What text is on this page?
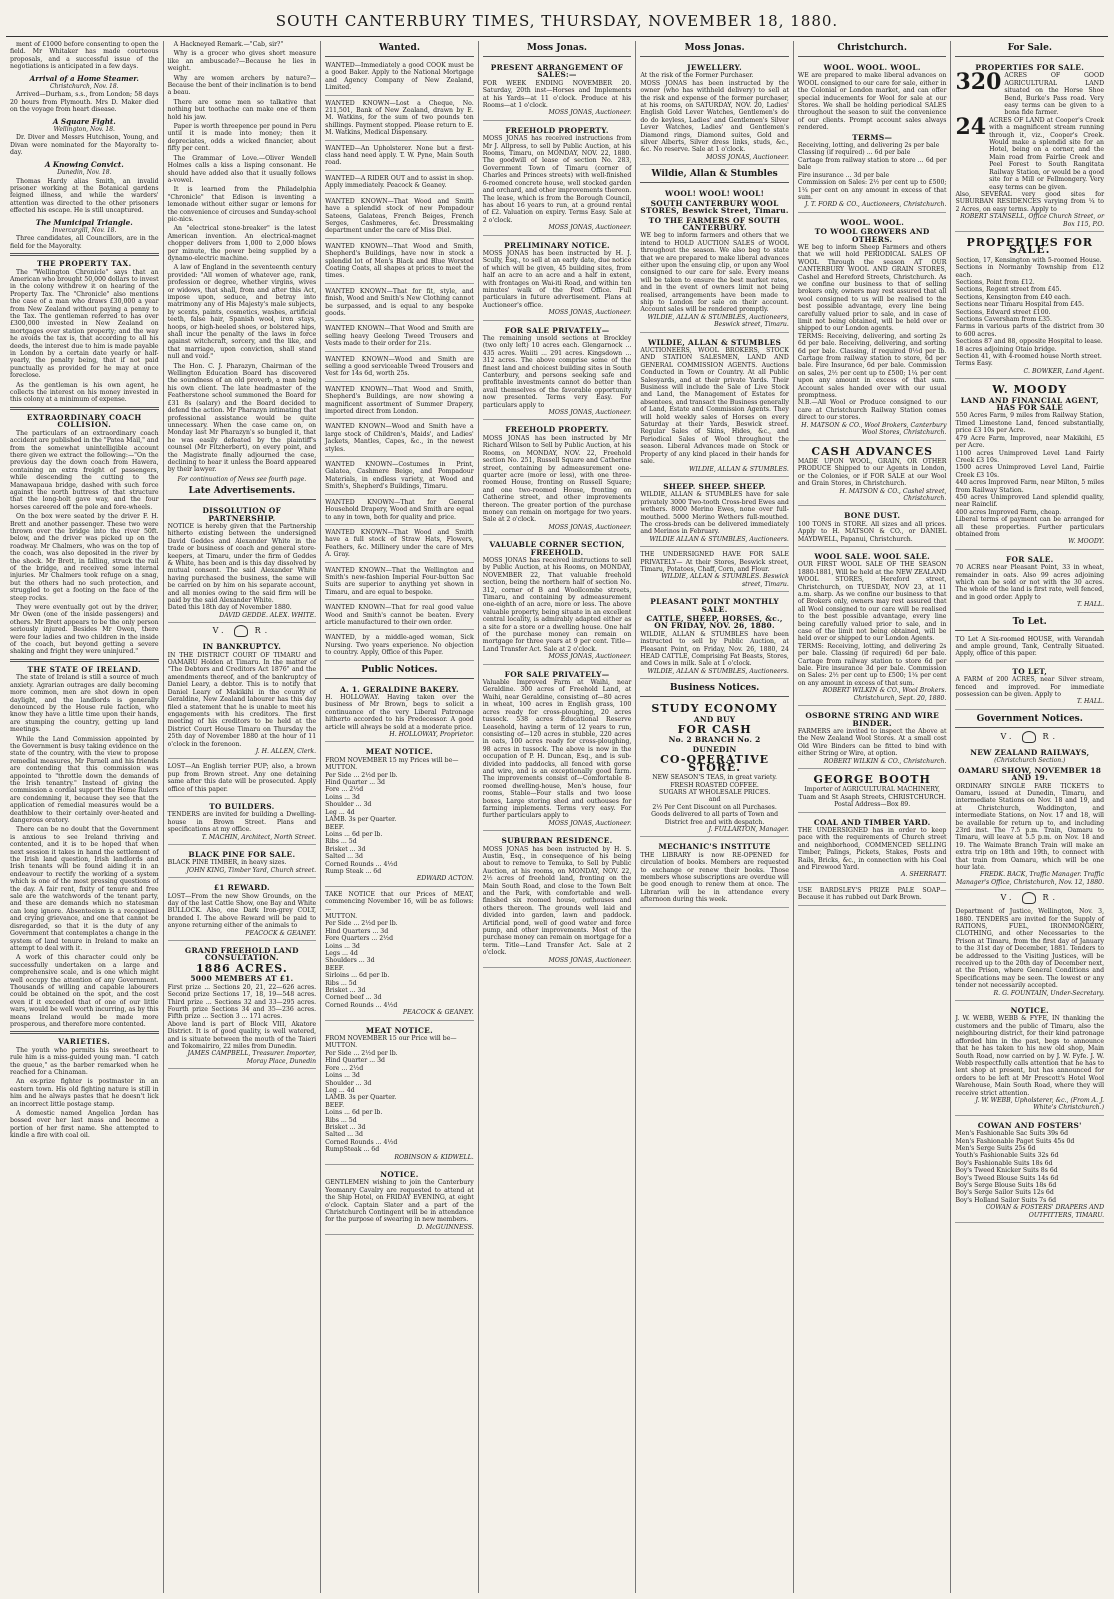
SOUTH CANTERBURY TIMES, THURSDAY, NOVEMBER 18, 1880.

ment of £1000 before consenting to open the field. Mr Whitaker has made courteous proposals, and a successful issue of the negotiations is anticipated in a few days.

Arrival of a Home Steamer.
Christchurch, Nov. 18.

Arrived—Durham, s.s., from London; 58 days 20 hours from Plymouth. Mrs D. Maker died on the voyage from heart disease.

A Square Fight.
Wellington, Nov. 18.

Dr. Diver and Messrs Hutchison, Young, and Divan were nominated for the Mayoralty to-day.

A Knowing Convict.
Dunedin, Nov. 18.

Thomas Hardy alias Smith, an invalid prisoner working at the Botanical gardens feigned illness, and while the warders' attention was directed to the other prisoners effected his escape. He is still uncaptured.

The Municipal Triangle.
Invercargill, Nov. 18.

Three candidates, all Councillors, are in the field for the Mayoralty.

THE PROPERTY TAX.

The "Wellington Chronicle" says that an American who brought 50,000 dollars to invest in the colony withdrew it on hearing of the Property Tax. The "Chronicle" also mentions the case of a man who draws £30,000 a year from New Zealand without paying a penny to the Tax. The gentleman referred to has over £300,000 invested in New Zealand on mortgages over station property; and the way he avoids the tax is, that according to all his deeds, the interest due to him is made payable in London by a certain date yearly or half-yearly, the penalty being, that if not paid punctually as provided for he may at once foreclose.

As the gentleman is his own agent, he collects the interest on his money invested in this colony at a minimum of expense.

EXTRAORDINARY COACH COLLISION.

The particulars of an extraordinary coach accident are published in the "Patea Mail," and from the somewhat unintelligible account there given we extract the following:—"On the previous day the down coach from Hawera, containing an extra freight of passengers, while descending the cutting to the Manawapaua bridge, dashed with such force against the north buttress of that structure that the long-bolt gave way, and the four horses careered off the pole and fore-wheels.

On the box were seated by the driver F. H. Brett and another passenger. These two were thrown over the bridge into the river 50ft. below, and the driver was picked up on the roadway. Mr Chalmers, who was on the top of the coach, was also deposited in the river by the shock. Mr Brett, in falling, struck the rail of the bridge, and received some internal injuries. Mr Chalmers took refuge on a snag, but the others had no such protection, and struggled to get a footing on the face of the steep rocks.

They were eventually got out by the driver, Mr Owen (one of the inside passengers) and others. Mr Brett appears to be the only person seriously injured. Besides Mr Owen, there were four ladies and two children in the inside of the coach, but beyond getting a severe shaking and fright they were uninjured."

THE STATE OF IRELAND.

The state of Ireland is still a source of much anxiety. Agrarian outrages are daily becoming more common, men are shot down in open daylight, and the landlords is generally denounced by the House rule faction, who know they have a little time upon their hands, are stumping the country, getting up land meetings.

While the Land Commission appointed by the Government is busy taking evidence on the state of the country, with the view to propose remedial measures, Mr Parnell and his friends are contending that this commission was appointed to "throttle down the demands of the Irish tenantry." Instead of giving the commission a cordial support the Home Rulers are condemning it, because they see that the application of remedial measures would be a deathblow to their certainly over-heated and dangerous oratory.

There can be no doubt that the Government is anxious to see Ireland thriving and contented, and it is to be hoped that when next session it takes in hand the settlement of the Irish land question, Irish landlords and Irish tenants will be found aiding it in an endeavour to rectify the working of a system which is one of the most pressing questions of the day. A fair rent, fixity of tenure and free sale are the watchwords of the tenant party, and these are demands which no statesman can long ignore. Absenteeism is a recognised and crying grievance, and one that cannot be disregarded, so that it is the duty of any Government that contemplates a change in the system of land tenure in Ireland to make an attempt to deal with it.

A work of this character could only be successfully undertaken on a large and comprehensive scale, and is one which might well occupy the attention of any Government. Thousands of willing and capable labourers could be obtained on the spot, and the cost even if it exceeded that of one of our little wars, would be well worth incurring, as by this means Ireland would be made more prosperous, and therefore more contented.

VARIETIES.

The youth who permits his sweetheart to rule him is a miss-guided young man. "I catch the queue," as the barber remarked when he reached for a Chinaman.

An ex-prize fighter is postmaster in an eastern town. His old fighting nature is still in him and he always pastes that he doesn't lick an incorrect little postage stamp.

A domestic named Angelica Jordan has bossed over her last mass and become a portion of her first name. She attempted to kindle a fire with coal oil.

A Hackneyed Remark.—"Cab, sir?"

Why is a grocer who gives short measure like an ambuscade?—Because he lies in weight.

Why are women archers by nature?—Because the bent of their inclination is to bend a beau.

There are some men so talkative that nothing but toothache can make one of them hold his jaw.

Paper is worth threepence per pound in Peru until it is made into money; then it depreciates, odds a wicked financier, about fifty per cent.

The Grammar of Love.—Oliver Wendell Holmes calls a kiss a lisping consonant. He should have added also that it usually follows a-vowel.

It is learned from the Philadelphia "Chronicle" that Edison is inventing a lemonade without either sugar or lemons for the convenience of circuses and Sunday-school pic-nics.

An "electrical stone-breaker" is the latest American invention. An electrical-magnet chopper delivers from 1,000 to 2,000 blows per minute, the power being supplied by a dynamo-electric machine.

A law of England in the seventeenth century provided: "All women of whatever age, rank, profession or degree, whether virgins, wives or widows, that shall, from and after this Act, impose upon, seduce, and betray into matrimony any of His Majesty's male subjects, by scents, paints, cosmetics, washes, artificial teeth, false hair, Spanish wool, iron stays, hoops, or high-heeled shoes, or bolstered hips, shall incur the penalty of the laws in force against witchcraft, sorcery, and the like, and that marriage, upon conviction, shall stand null and void."

The Hon. C. J. Pharazyn, Chairman of the Wellington Education Board has discovered the soundness of an old proverb, a man being his own client. The late headmaster of the Featherstone school summoned the Board for £31 8s (salary) and the Board decided to defend the action. Mr Pharazyn intimating that professional assistance would be quite unnecessary. When the case came on, on Monday last Mr Pharazyn's so bungled it, that he was easily defeated by the plaintiff's counsel (Mr Fitzherbert), on every point, and the Magistrate finally adjourned the case, declining to hear it unless the Board appeared by their lawyer.

For continuation of News see fourth page.
Late Advertisements.
DISSOLUTION OF PARTNERSHIP.
NOTICE is hereby given that the Partnership hitherto existing between the undersigned David Geddes and Alexander White in the trade or business of coach and general store-keepers, at Timaru, under the firm of Geddes & White, has been and is this day dissolved by mutual consent. The said Alexander White having purchased the business, the same will be carried on by him on his separate account, and all monies owing to the said firm will be paid by the said Alexander White.
Dated this 18th day of November 1880.
DAVID GEDDE. ALEX. WHITE.
V.  R.
IN BANKRUPTCY.
IN THE DISTRICT COURT OF TIMARU and OAMARU Holden at Timaru. In the matter of "The Debtors and Creditors Act 1876" and the amendments thereof, and of the bankruptcy of Daniel Leary, a debtor. This is to notify that Daniel Leary of Makikihi in the county of Geraldine, New Zealand labourer has this day filed a statement that he is unable to meet his engagements with his creditors. The first meeting of his creditors to be held at the District Court House Timaru on Thursday the 25th day of November 1880 at the hour of 11 o'clock in the forenoon.
J. H. ALLEN, Clerk.
LOST—An English terrier PUP; also, a brown pup from Brown street. Any one detaining same after this date will be prosecuted. Apply office of this paper.
TO BUILDERS.
TENDERS are invited for building a Dwelling-house in Brown Street. Plans and specifications at my office.
T. MACHIN, Architect, North Street.
BLACK PINE FOR SALE.
BLACK PINE TIMBER, in heavy sizes.
JOHN KING, Timber Yard, Church street.
£1 REWARD.
LOST—From the new Show Grounds, on the day of the last Cattle Show, one Bay and White BULLOCK. Also, one Dark Iron-grey COLT, branded I. The above Reward will be paid to anyone returning either of the animals to
PEACOCK & GEANEY.
GRAND FREEHOLD LAND CONSULTATION.
1886 ACRES.
5000 MEMBERS AT £1.
First prize ... Sections 20, 21, 22—626 acres. Second prize Sections 17, 18, 19—548 acres. Third prize ... Sections 32 and 33—295 acres. Fourth prize Sections 34 and 35—236 acres. Fifth prize ... Section 3 ... 171 acres.
Above land is part of Block VIII, Akatore District. It is of good quality, is well watered, and is situate between the mouth of the Taieri and Tokomairiro, 22 miles from Dunedin.
JAMES CAMPBELL, Treasurer. Importer, Moray Place, Dunedin
Wanted.
WANTED—Immediately a good COOK must be a good Baker. Apply to the National Mortgage and Agency Company of New Zealand, Limited.
WANTED KNOWN—Lost a Cheque, No. 211,501, Bank of New Zealand, drawn by E. M. Watkins, for the sum of two pounds ten shillings. Payment stopped. Please return to E. M. Watkins, Medical Dispensary.
WANTED—An Upholsterer. None but a first-class hand need apply. T. W. Pyne, Main South road.
WANTED—A RIDER OUT and to assist in shop. Apply immediately. Peacock & Geaney.
WANTED KNOWN—That Wood and Smith have a splendid stock of new Pompadour Sateens, Galateas, French Beiges, French Serges, Cashmeres, &c. Dressmaking department under the care of Miss Diel.
WANTED KNOWN—That Wood and Smith, Shepherd's Buildings, have now in stock a splendid lot of Men's Black and Blue Worsted Coating Coats, all shapes at prices to meet the times.
WANTED KNOWN—That for fit, style, and finish, Wood and Smith's New Clothing cannot be surpassed, and is equal to any bespoke goods.
WANTED KNOWN—That Wood and Smith are selling heavy Geelong Tweed Trousers and Vests made to their order for 21s.
WANTED KNOWN—Wood and Smith are selling a good serviceable Tweed Trousers and Vest for 14s 6d, worth 25s.
WANTED KNOWN—That Wood and Smith, Shepherd's Buildings, are now showing a magnificent assortment of Summer Drapery, imported direct from London.
WANTED KNOWN—Wood and Smith have a large stock of Children's, Maids', and Ladies' Jackets, Mantles, Capes, &c., in the newest styles.
WANTED KNOWN—Costumes in Print, Galatea, Cashmere Beige, and Pompadour Materials, in endless variety, at Wood and Smith's, Shepherd's Buildings, Timaru.
WANTED KNOWN—That for General Household Drapery, Wood and Smith are equal to any in town, both for quality and price.
WANTED KNOWN—That Wood and Smith have a full stock of Straw Hats, Flowers, Feathers, &c. Millinery under the care of Mrs A. Gray.
WANTED KNOWN—That the Wellington and Smith's new-fashion Imperial Four-button Sac Suits are superior to anything yet shown in Timaru, and are equal to bespoke.
WANTED KNOWN—That for real good value Wood and Smith's cannot be beaten. Every article manufactured to their own order.
WANTED, by a middle-aged woman, Sick Nursing. Two years experience. No objection to country. Apply, Office of this Paper.
Public Notices.
A. 1. GERALDINE BAKERY.
H. HOLLOWAY. Having taken over the business of Mr Brown, begs to solicit a continuance of the very Liberal Patronage hitherto accorded to his Predecessor. A good article will always be sold at a moderate price.
H. HOLLOWAY, Proprietor.
MEAT NOTICE.
FROM NOVEMBER 15 my Prices will be—
MUTTON.
Per Side ... 2½d per lb.
Hind Quarter ... 3d
Fore ... 2½d
Loins ... 3d
Shoulder ... 3d
Leg ... 4d
LAMB. 3s per Quarter.
BEEF.
Loins ... 6d per lb.
Ribs ... 5d
Brisket ... 3d
Salted ... 3d
Corned Rounds ... 4½d
Rump Steak ... 6d
EDWARD ACTON.
TAKE NOTICE that our Prices of MEAT, commencing November 16, will be as follows:—
MUTTON.
Per Side ... 2½d per lb.
Hind Quarters ... 3d
Fore Quarters ... 2½d
Loins ... 3d
Legs ... 4d
Shoulders ... 3d
BEEF.
Sirloins ... 6d per lb.
Ribs ... 5d
Brisket ... 3d
Corned beef ... 3d
Corned Rounds ... 4½d
PEACOCK & GEANEY.
MEAT NOTICE.
FROM NOVEMBER 15 our Price will be—
MUTTON.
Per Side ... 2½d per lb.
Hind Quarter ... 3d
Fore ... 2½d
Loins ... 3d
Shoulder ... 3d
Leg ... 4d
LAMB. 3s per Quarter.
BEEF.
Loins ... 6d per lb.
Ribs ... 5d
Brisket ... 3d
Salted ... 3d
Corned Rounds ... 4½d
RumpSteak ... 6d
ROBINSON & KIDWELL.
NOTICE.
GENTLEMEN wishing to join the Canterbury Yeomanry Cavalry are requested to attend at the Ship Hotel, on FRIDAY EVENING, at eight o'clock. Captain Slater and a part of the Christchurch Contingent will be in attendance for the purpose of swearing in new members.
D. McGUINNESS.
Moss Jonas.
PRESENT ARRANGEMENT OF SALES:—
FOR WEEK ENDING NOVEMBER 20. Saturday, 20th inst—Horses and Implements at his Yards—at 11 o'clock. Produce at his Rooms—at 1 o'clock.
MOSS JONAS, Auctioneer.
FREEHOLD PROPERTY.
MOSS JONAS has received instructions from Mr J. Allpress, to sell by Public Auction, at his Rooms, Timaru, on MONDAY, NOV. 22, 1880. The goodwill of lease of section No. 283, Government Town of Timaru (corner of Charles and Princes streets) with well-finished 6-roomed concrete house, well stocked garden and orchard, and other improvements thereon. The lease, which is from the Borough Council, has about 16 years to run, at a ground rental of £2. Valuation on expiry. Terms Easy. Sale at 2 o'clock.
MOSS JONAS, Auctioneer.
PRELIMINARY NOTICE.
MOSS JONAS has been instructed by H. J. Scully, Esq., to sell at an early date, due notice of which will be given, 45 building sites, from half an acre to an acre and a half in extent, with frontages on Wai-iti Road, and within ten minutes' walk of the Post Office. Full particulars in future advertisement. Plans at Auctioneer's office.
MOSS JONAS, Auctioneer.
FOR SALE PRIVATELY—
The remaining unsold sections at Brockley (two only left) 10 acres each. Glengarnock ... 435 acres. Waiiti ... 291 acres. Kingsdown ... 312 acres. The above comprise some of the finest land and choicest building sites in South Canterbury, and persons seeking safe and profitable investments cannot do better than avail themselves of the favorable opportunity now presented. Terms very Easy. For particulars apply to
MOSS JONAS, Auctioneer.
FREEHOLD PROPERTY.
MOSS JONAS has been instructed by Mr Richard Wilson to Sell by Public Auction, at his Rooms, on MONDAY, NOV. 22, Freehold section No. 251, Russell Square and Catherine street, containing by admeasurement one-quarter acre (more or less), with one three-roomed House, fronting on Russell Square; and one two-roomed House, fronting on Catherine street, and other improvements thereon. The greater portion of the purchase money can remain on mortgage for two years. Sale at 2 o'clock.
MOSS JONAS, Auctioneer.
VALUABLE CORNER SECTION, FREEHOLD.
MOSS JONAS has received instructions to sell by Public Auction, at his Rooms, on MONDAY, NOVEMBER 22, That valuable freehold section, being the northern half of section No. 312, corner of B and Woollcombe streets, Timaru, and containing by admeasurement one-eighth of an acre, more or less. The above valuable property, being situate in an excellent central locality, is admirably adapted either as a site for a store or a dwelling house. One half of the purchase money can remain on mortgage for three years at 9 per cent. Title—Land Transfer Act. Sale at 2 o'clock.
MOSS JONAS, Auctioneer.
FOR SALE PRIVATELY—
Valuable Improved Farm at Waihi, near Geraldine. 300 acres of Freehold Land, at Waihi, near Geraldine, consisting of—80 acres in wheat, 100 acres in English grass, 100 acres ready for cross-ploughing, 20 acres tussock. 538 acres Educational Reserve Leasehold, having a term of 12 years to run, consisting of—120 acres in stubble, 220 acres in oats, 100 acres ready for cross-ploughing, 98 acres in tussock. The above is now in the occupation of P. H. Duncan, Esq., and is sub-divided into paddocks, all fenced with gorse and wire, and is an exceptionally good farm. The improvements consist of—Comfortable 8-roomed dwelling-house, Men's house, four rooms, Stable—Four stalls and two loose boxes, Large storing shed and outhouses for farming implements. Terms very easy. For further particulars apply to
MOSS JONAS, Auctioneer.
SUBURBAN RESIDENCE.
MOSS JONAS has been instructed by H. S. Austin, Esq., in consequence of his being about to remove to Temuka, to Sell by Public Auction, at his rooms, on MONDAY, NOV. 22, 2½ acres of freehold land, fronting on the Main South Road, and close to the Town Belt and the Park, with comfortable and well-finished six roomed house, outhouses and others thereon. The grounds well laid and divided into garden, lawn and paddock. Artificial pond, well of good water and force pump, and other improvements. Most of the purchase money can remain on mortgage for a term. Title—Land Transfer Act. Sale at 2 o'clock.
MOSS JONAS, Auctioneer.
Moss Jonas.
JEWELLERY.
At the risk of the Former Purchaser.
MOSS JONAS has been instructed by the owner (who has withheld delivery) to sell at the risk and expense of the former purchaser, at his rooms, on SATURDAY, NOV. 20, Ladies' English Gold Lever Watches, Gentlemen's do do do keyless, Ladies' and Gentlemen's Silver Lever Watches, Ladies' and Gentlemen's Diamond rings, Diamond suites, Gold and silver Alberts, Silver dress links, studs, &c., &c. No reserve. Sale at 1 o'clock.
MOSS JONAS, Auctioneer.
Wildie, Allan & Stumbles
WOOL! WOOL! WOOL!
SOUTH CANTERBURY WOOL STORES, Beswick Street, Timaru.
TO THE FARMERS OF SOUTH CANTERBURY.
WE beg to inform farmers and others that we intend to HOLD AUCTION SALES of WOOL throughout the season. We also beg to state that we are prepared to make liberal advances either upon the ensuing clip, or upon any Wool consigned to our care for sale. Every means will be taken to ensure the best market rates, and in the event of owners limit not being realised, arrangements have been made to ship to London for sale on their account. Account sales will be rendered promptly.
WILDIE, ALLAN & STUMBLES, Auctioneers, Beswick street, Timaru.
WILDIE, ALLAN & STUMBLES
AUCTIONEERS, WOOL BROKERS, STOCK AND STATION SALESMEN, LAND AND GENERAL COMMISSION AGENTS. Auctions Conducted in Town or Country. At all Public Salesyards, and at their private Yards. Their Business will include the Sale of Live Stock and Land, the Management of Estates for absentees, and transact the Business generally of Land, Estate and Commission Agents. They will hold weekly sales of Horses on every Saturday at their Yards, Beswick street. Regular Sales of Skins, Hides, &c., and Periodical Sales of Wool throughout the season. Liberal Advances made on Stock or Property of any kind placed in their hands for sale.
WILDIE, ALLAN & STUMBLES.
SHEEP. SHEEP. SHEEP.
WILDIE, ALLAN & STUMBLES have for sale privately 3000 Two-tooth Cross-bred Ewes and wethers. 8000 Merino Ewes, none over full-mouthed. 5000 Merino Wethers full-mouthed. The cross-breds can be delivered immediately and Merinos in February.
WILDIE ALLAN & STUMBLES, Auctioneers.
THE UNDERSIGNED HAVE FOR SALE PRIVATELY— At their Stores, Beswick street, Timaru, Potatoes, Chaff, Corn, and Flour.
WILDIE, ALLAN & STUMBLES. Beswick street, Timaru.
PLEASANT POINT MONTHLY SALE.
CATTLE, SHEEP, HORSES, &c., ON FRIDAY, NOV. 26, 1880.
WILDIE, ALLAN & STUMBLES have been instructed to sell by Public Auction, at Pleasant Point, on Friday, Nov. 26, 1880, 24 HEAD CATTLE, Comprising Fat Beasts, Stores, and Cows in milk. Sale at 1 o'clock.
WILDIE, ALLAN & STUMBLES, Auctioneers.
Business Notices.
STUDY ECONOMY
AND BUY
FOR CASH
No. 2 BRANCH No. 2
DUNEDIN
CO-OPERATIVE STORE.
NEW SEASON'S TEAS, in great variety.
FRESH ROASTED COFFEE.
SUGARS AT WHOLESALE PRICES.
and
2½ Per Cent Discount on all Purchases.
Goods delivered to all parts of Town and District free and with despatch.
J. FULLARTON, Manager.
MECHANIC'S INSTITUTE
THE LIBRARY is now RE-OPENED for circulation of books. Members are requested to exchange or renew their books. Those members whose subscriptions are overdue will be good enough to renew them at once. The Librarian will be in attendance every afternoon during this week.
Christchurch.
WOOL. WOOL. WOOL.
WE are prepared to make liberal advances on WOOL consigned to our care for sale, either in the Colonial or London market, and can offer special inducements for Wool for sale at our Stores. We shall be holding periodical SALES throughout the season to suit the convenience of our clients. Prompt account sales always rendered.
TERMS—
Receiving, lotting, and delivering 2s per bale
Classing (if required) ... 6d per bale
Cartage from railway station to store ... 6d per bale
Fire insurance ... 3d per bale
Commission on Sales: 2½ per cent up to £500; 1¼ per cent on any amount in excess of that sum.
J. T. FORD & CO., Auctioneers, Christchurch.
WOOL. WOOL.
TO WOOL GROWERS AND OTHERS.
WE beg to inform Sheep Farmers and others that we will hold PERIODICAL SALES OF WOOL Through the season AT OUR CANTERBURY WOOL AND GRAIN STORES, Cashel and Hereford Streets, Christchurch. As we confine our business to that of selling brokers only, owners may rest assured that all wool consigned to us will be realised to the best possible advantage, every line being carefully valued prior to sale, and in case of limit not being obtained, will be held over or shipped to our London agents.
TERMS: Receiving, delivering, and sorting 2s 6d per bale. Receiving, delivering, and sorting 6d per bale. Classing, if required 0½d per lb. Cartage from railway station to store, 6d per bale. Fire Insurance, 6d per bale. Commission on sales, 2½ per cent up to £500; 1¼ per cent upon any amount in excess of that sum. Account sales handed over with our usual promptness.
N.B.—All Wool or Produce consigned to our care at Christchurch Railway Station comes direct to our stores.
H. MATSON & CO., Wool Brokers, Canterbury Wool Stores, Christchurch.
CASH ADVANCES
MADE UPON WOOL, GRAIN, OR OTHER PRODUCE Shipped to our Agents in London, or the Colonies, or if FOR SALE at our Wool and Grain Stores, in Christchurch.
H. MATSON & CO., Cashel street, Christchurch.
BONE DUST.
100 TONS in STORE. All sizes and all prices. Apply to H. MATSON & CO., or DANIEL MAYDWELL, Papanui, Christchurch.
WOOL SALE. WOOL SALE.
OUR FIRST WOOL SALE OF THE SEASON 1880-1881, Will be held at the NEW ZEALAND WOOL STORES, Hereford street, Christchurch, on TUESDAY, NOV 23, at 11 a.m. sharp. As we confine our business to that of Brokers only, owners may rest assured that all Wool consigned to our care will be realised to the best possible advantage, every line being carefully valued prior to sale, and in case of the limit not being obtained, will be held over or shipped to our London Agents.
TERMS: Receiving, lotting, and delivering 2s per bale. Classing (if required) 6d per bale. Cartage from railway station to store 6d per bale. Fire insurance 3d per bale. Commission on Sales: 2½ per cent up to £500; 1¼ per cent on any amount in excess of that sum.
ROBERT WILKIN & CO., Wool Brokers. Christchurch, Sept. 20, 1880.
OSBORNE STRING AND WIRE BINDER.
FARMERS are invited to inspect the Above at the New Zealand Wool Stores. At a small cost Old Wire Binders can be fitted to bind with either String or Wire, at option.
ROBERT WILKIN & CO., Christchurch.
GEORGE BOOTH
Importer of AGRICULTURAL MACHINERY, Tuam and St Asaph Streets, CHRISTCHURCH. Postal Address—Box 89.
COAL AND TIMBER YARD.
THE UNDERSIGNED has in order to keep pace with the requirements of Church street and neighborhood, COMMENCED SELLING Timber, Palings, Pickets, Stakes, Posts and Rails, Bricks, &c., in connection with his Coal and Firewood Yard.
A. SHERRATT.
USE BARDSLEY'S PRIZE PALE SOAP—Because it has rubbed out Dark Brown.
For Sale.
PROPERTIES FOR SALE.
320 ACRES OF GOOD AGRICULTURAL LAND situated on the Horse Shoe Bend, Burke's Pass road. Very easy terms can be given to a bona fide farmer.
24 ACRES OF LAND at Cooper's Creek with a magnificent stream running through it, viz., Cooper's Creek. Would make a splendid site for an Hotel, being on a corner, and the Main road from Fairlie Creek and Peel Forest to South Rangitata Railway Station, or would be a good site for a Mill or Fellmongery. Very easy terms can be given.
Also, SEVERAL very good sites for SUBURBAN RESIDENCES varying from ¼ to 2 Acres, on easy terms. Apply to
ROBERT STANSELL, Office Church Street, or Box 115, P.O.
PROPERTIES FOR SALE.
Section, 17, Kensington with 5-roomed House.
Sections in Normanby Township from £12 each.
Sections, Point from £12.
Sections, Regent street from £45.
Sections, Kensington from £40 each.
Sections near Timaru Hospital from £45.
Sections, Edward street £100.
Sections Caversham from £35.
Farms in various parts of the district from 30 to 600 acres.
Sections 87 and 88, opposite Hospital to lease.
18 acres adjoining Otaio bridge.
Section 41, with 4-roomed house North street.
Terms Easy.
C. BOWKER, Land Agent.
W. MOODY
LAND AND FINANCIAL AGENT, HAS FOR SALE
550 Acres Farm, 9 miles from Railway Station, Timed Limestone Land, fenced substantially, price £3 10s per Acre.
479 Acre Farm, Improved, near Makikihi, £5 per Acre.
1100 acres Unimproved Level Land Fairly Creek £3 10s.
1500 acres Unimproved Level Land, Fairlie Creek £3 10s.
440 acres Improved Farm, near Milton, 5 miles from Railway Station.
450 acres Unimproved Land splendid quality, near Rainclif.
400 acres Improved Farm, cheap.
Liberal terms of payment can be arranged for all these properties. Further particulars obtained from
W. MOODY.
FOR SALE.
70 ACRES near Pleasant Point, 33 in wheat, remainder in oats. Also 99 acres adjoining which can be sold or not with the 30 acres. The whole of the land is first rate, well fenced, and in good order. Apply to
T. HALL.
To Let.
TO Let A Six-roomed HOUSE, with Verandah and ample ground, Tank, Centrally Situated. Apply, office of this paper.
TO LET,
A FARM of 200 ACRES, near Silver stream, fenced and improved. For immediate possession can be given. Apply to
T. HALL.
Government Notices.
V.  R.
NEW ZEALAND RAILWAYS,
(Christchurch Section.)
OAMARU SHOW, NOVEMBER 18 AND 19.
ORDINARY SINGLE FARE TICKETS to Oamaru, issued at Dunedin, Timaru, and intermediate Stations on Nov. 18 and 19, and at Christchurch, Waddington, and intermediate Stations, on Nov. 17 and 18, will be available for return up to, and including 23rd inst. The 7.5 p.m. Train, Oamaru to Timaru, will leave at 5.5 p.m. on Nov. 18 and 19. The Waimate Branch Train will make an extra trip on 18th and 19th, to connect with that train from Oamaru, which will be one hour late.
FREDK. BACK, Traffic Manager. Traffic Manager's Office, Christchurch, Nov. 12, 1880.
V.  R.
Department of Justice, Wellington, Nov. 3, 1880. TENDERS are invited for the Supply of RATIONS, FUEL, IRONMONGERY, CLOTHING, and other Necessaries to the Prison at Timaru, from the first day of January to the 31st day of December, 1881. Tenders to be addressed to the Visiting Justices, will be received up to the 20th day of December next, at the Prison, where General Conditions and Specifications may be seen. The lowest or any tender not necessarily accepted.
R. G. FOUNTAIN, Under-Secretary.
NOTICE.
J. W. WEBB, WEBB & FYFE, IN thanking the customers and the public of Timaru, also the neighbouring district, for their kind patronage afforded him in the past, begs to announce that he has taken to his new old shop, Main South Road, now carried on by J. W. Fyfe. J. W. Webb respectfully calls attention that he has to lent shop at present, but has announced for orders to be left at Mr Prescott's Hotel Wool Warehouse, Main South Road, where they will receive strict attention.
J. W. WEBB, Upholsterer, &c., (From A. J. White's Christchurch.)
COWAN AND FOSTERS'
Men's Fashionable Sac Suits 39s 6d
Men's Fashionable Paget Suits 45s 0d
Men's Serge Suits 25s 6d
Youth's Fashionable Suits 32s 6d
Boy's Fashionable Suits 18s 6d
Boy's Tweed Knicker Suits 8s 6d
Boy's Tweed Blouse Suits 14s 6d
Boy's Serge Blouse Suits 18s 6d
Boy's Serge Sailor Suits 12s 6d
Boy's Holland Sailor Suits 7s 6d
COWAN & FOSTERS' DRAPERS AND OUTFITTERS, TIMARU.
